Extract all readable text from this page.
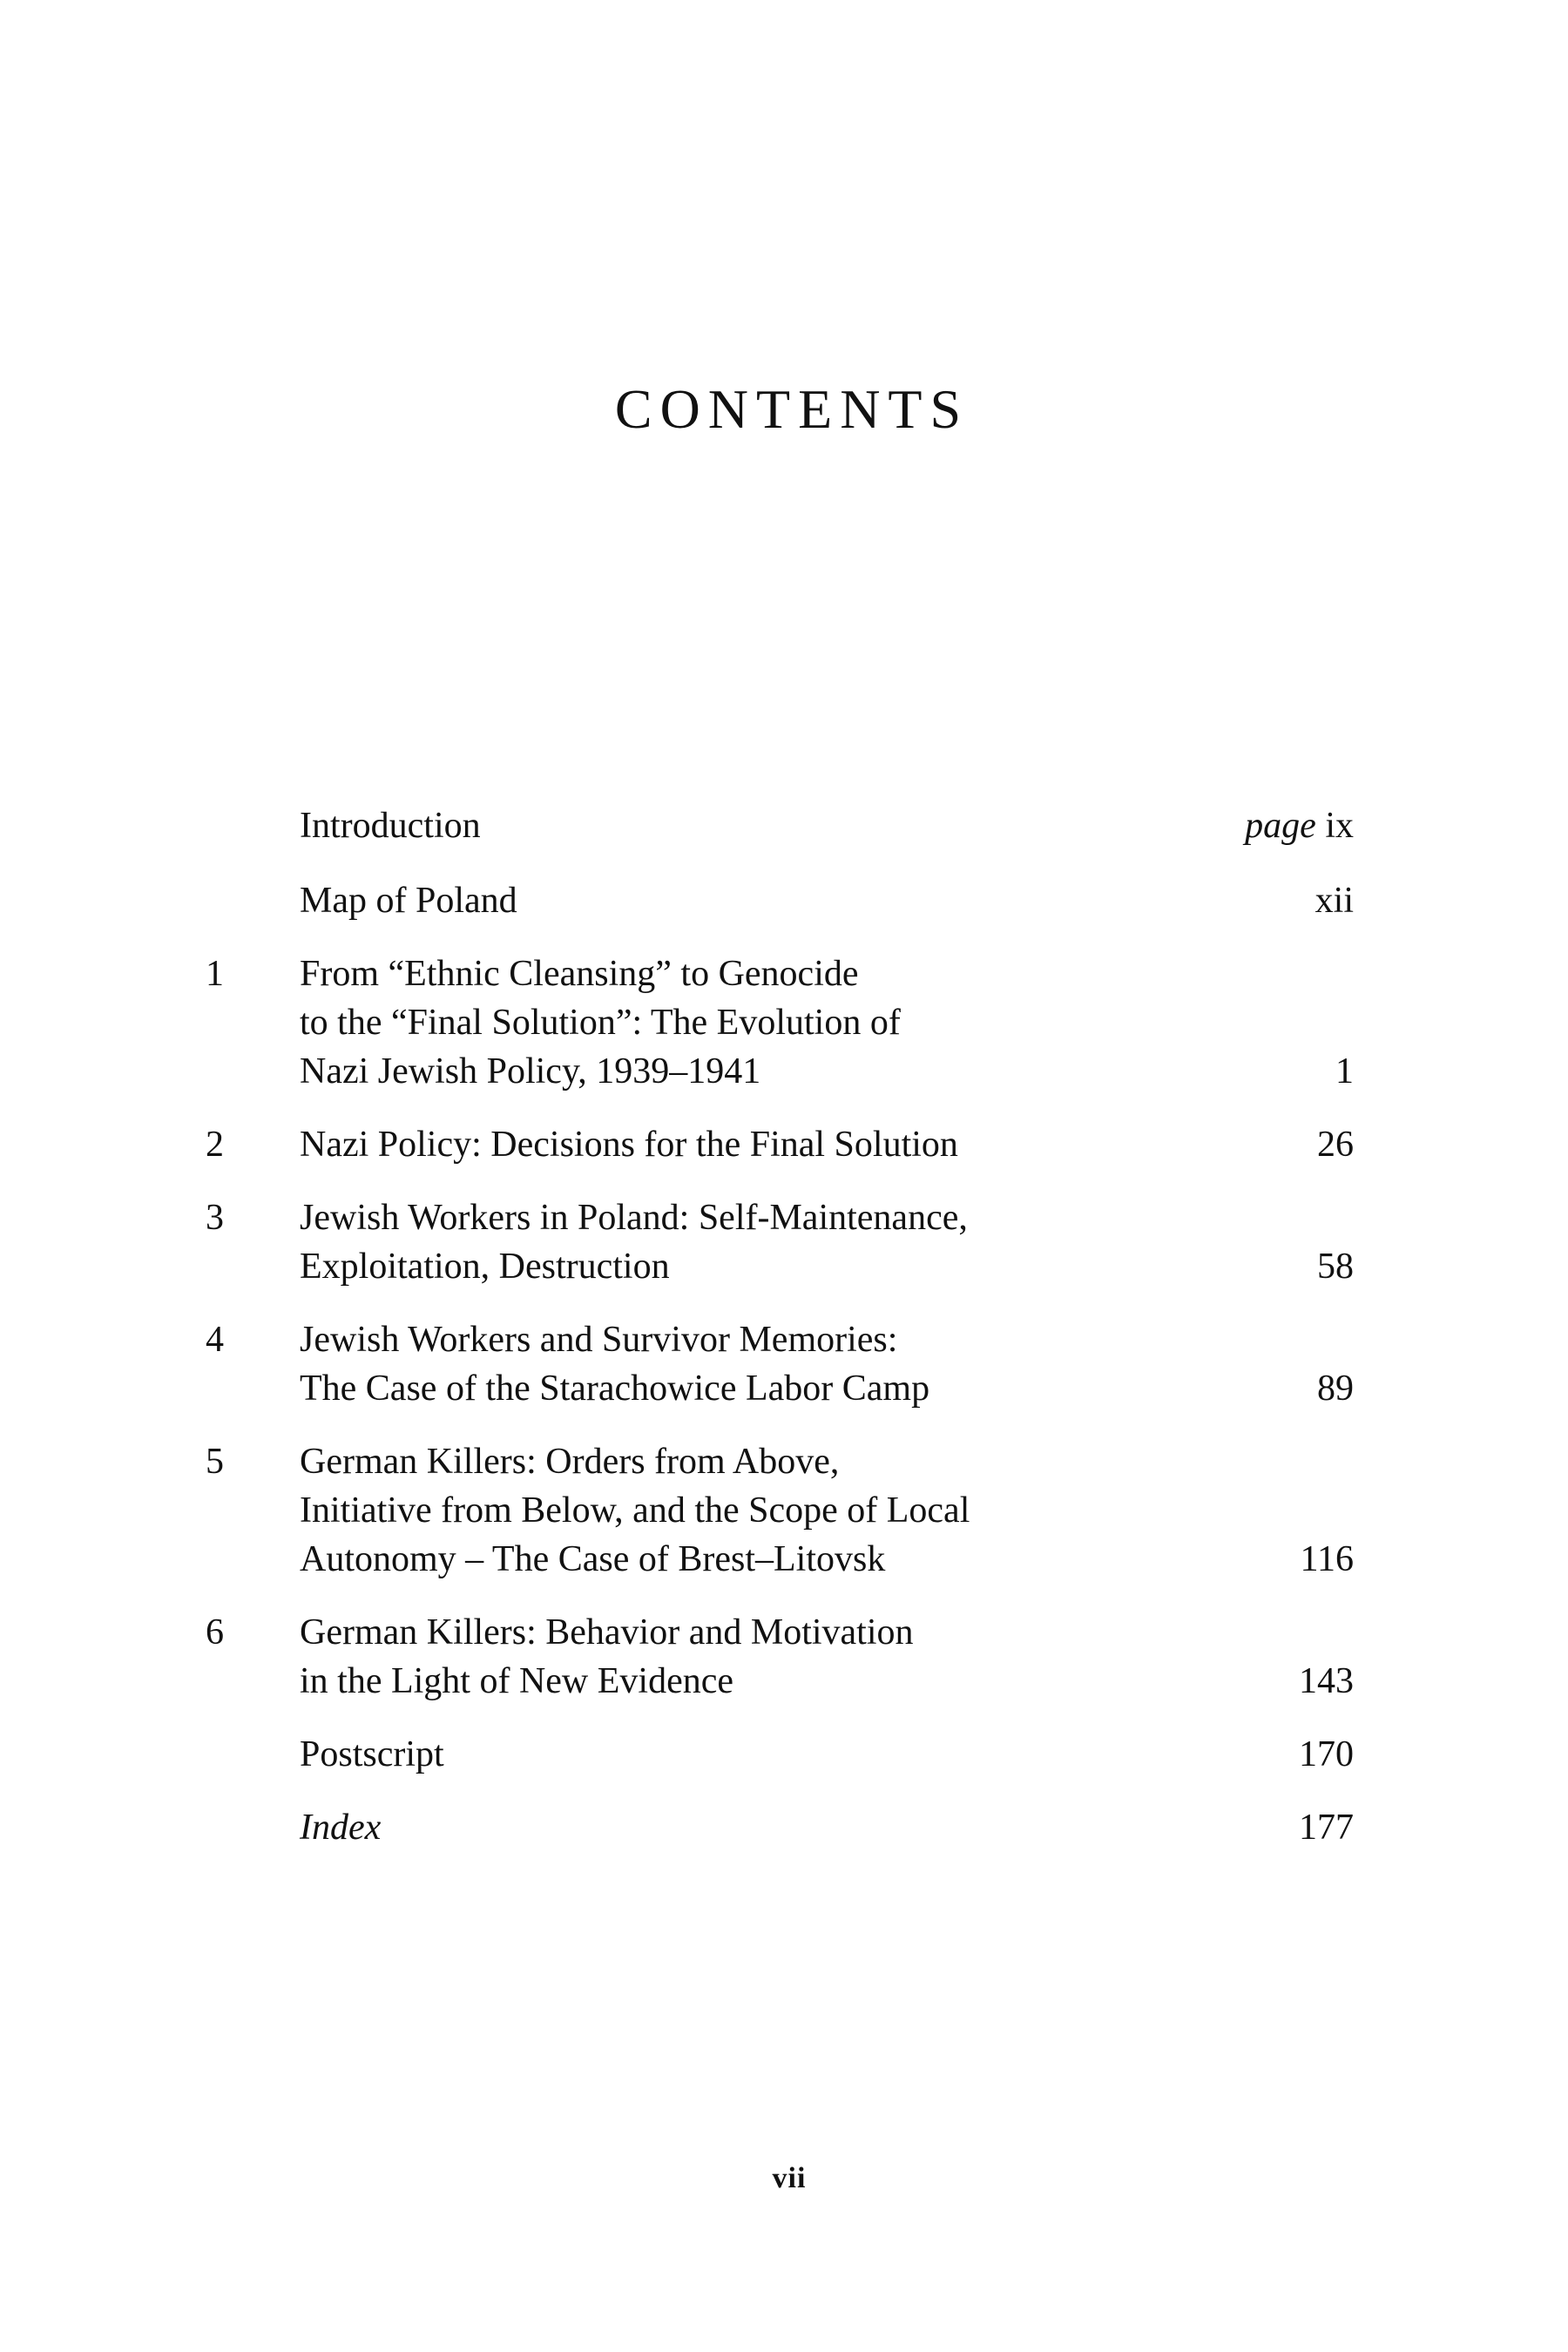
CONTENTS
Introduction	page ix
Map of Poland	xii
1	From “Ethnic Cleansing” to Genocide
to the “Final Solution”: The Evolution of
Nazi Jewish Policy, 1939–1941	1
2	Nazi Policy: Decisions for the Final Solution	26
3	Jewish Workers in Poland: Self-Maintenance,
Exploitation, Destruction	58
4	Jewish Workers and Survivor Memories:
The Case of the Starachowice Labor Camp	89
5	German Killers: Orders from Above,
Initiative from Below, and the Scope of Local
Autonomy – The Case of Brest–Litovsk	116
6	German Killers: Behavior and Motivation
in the Light of New Evidence	143
Postscript	170
Index	177
vii
